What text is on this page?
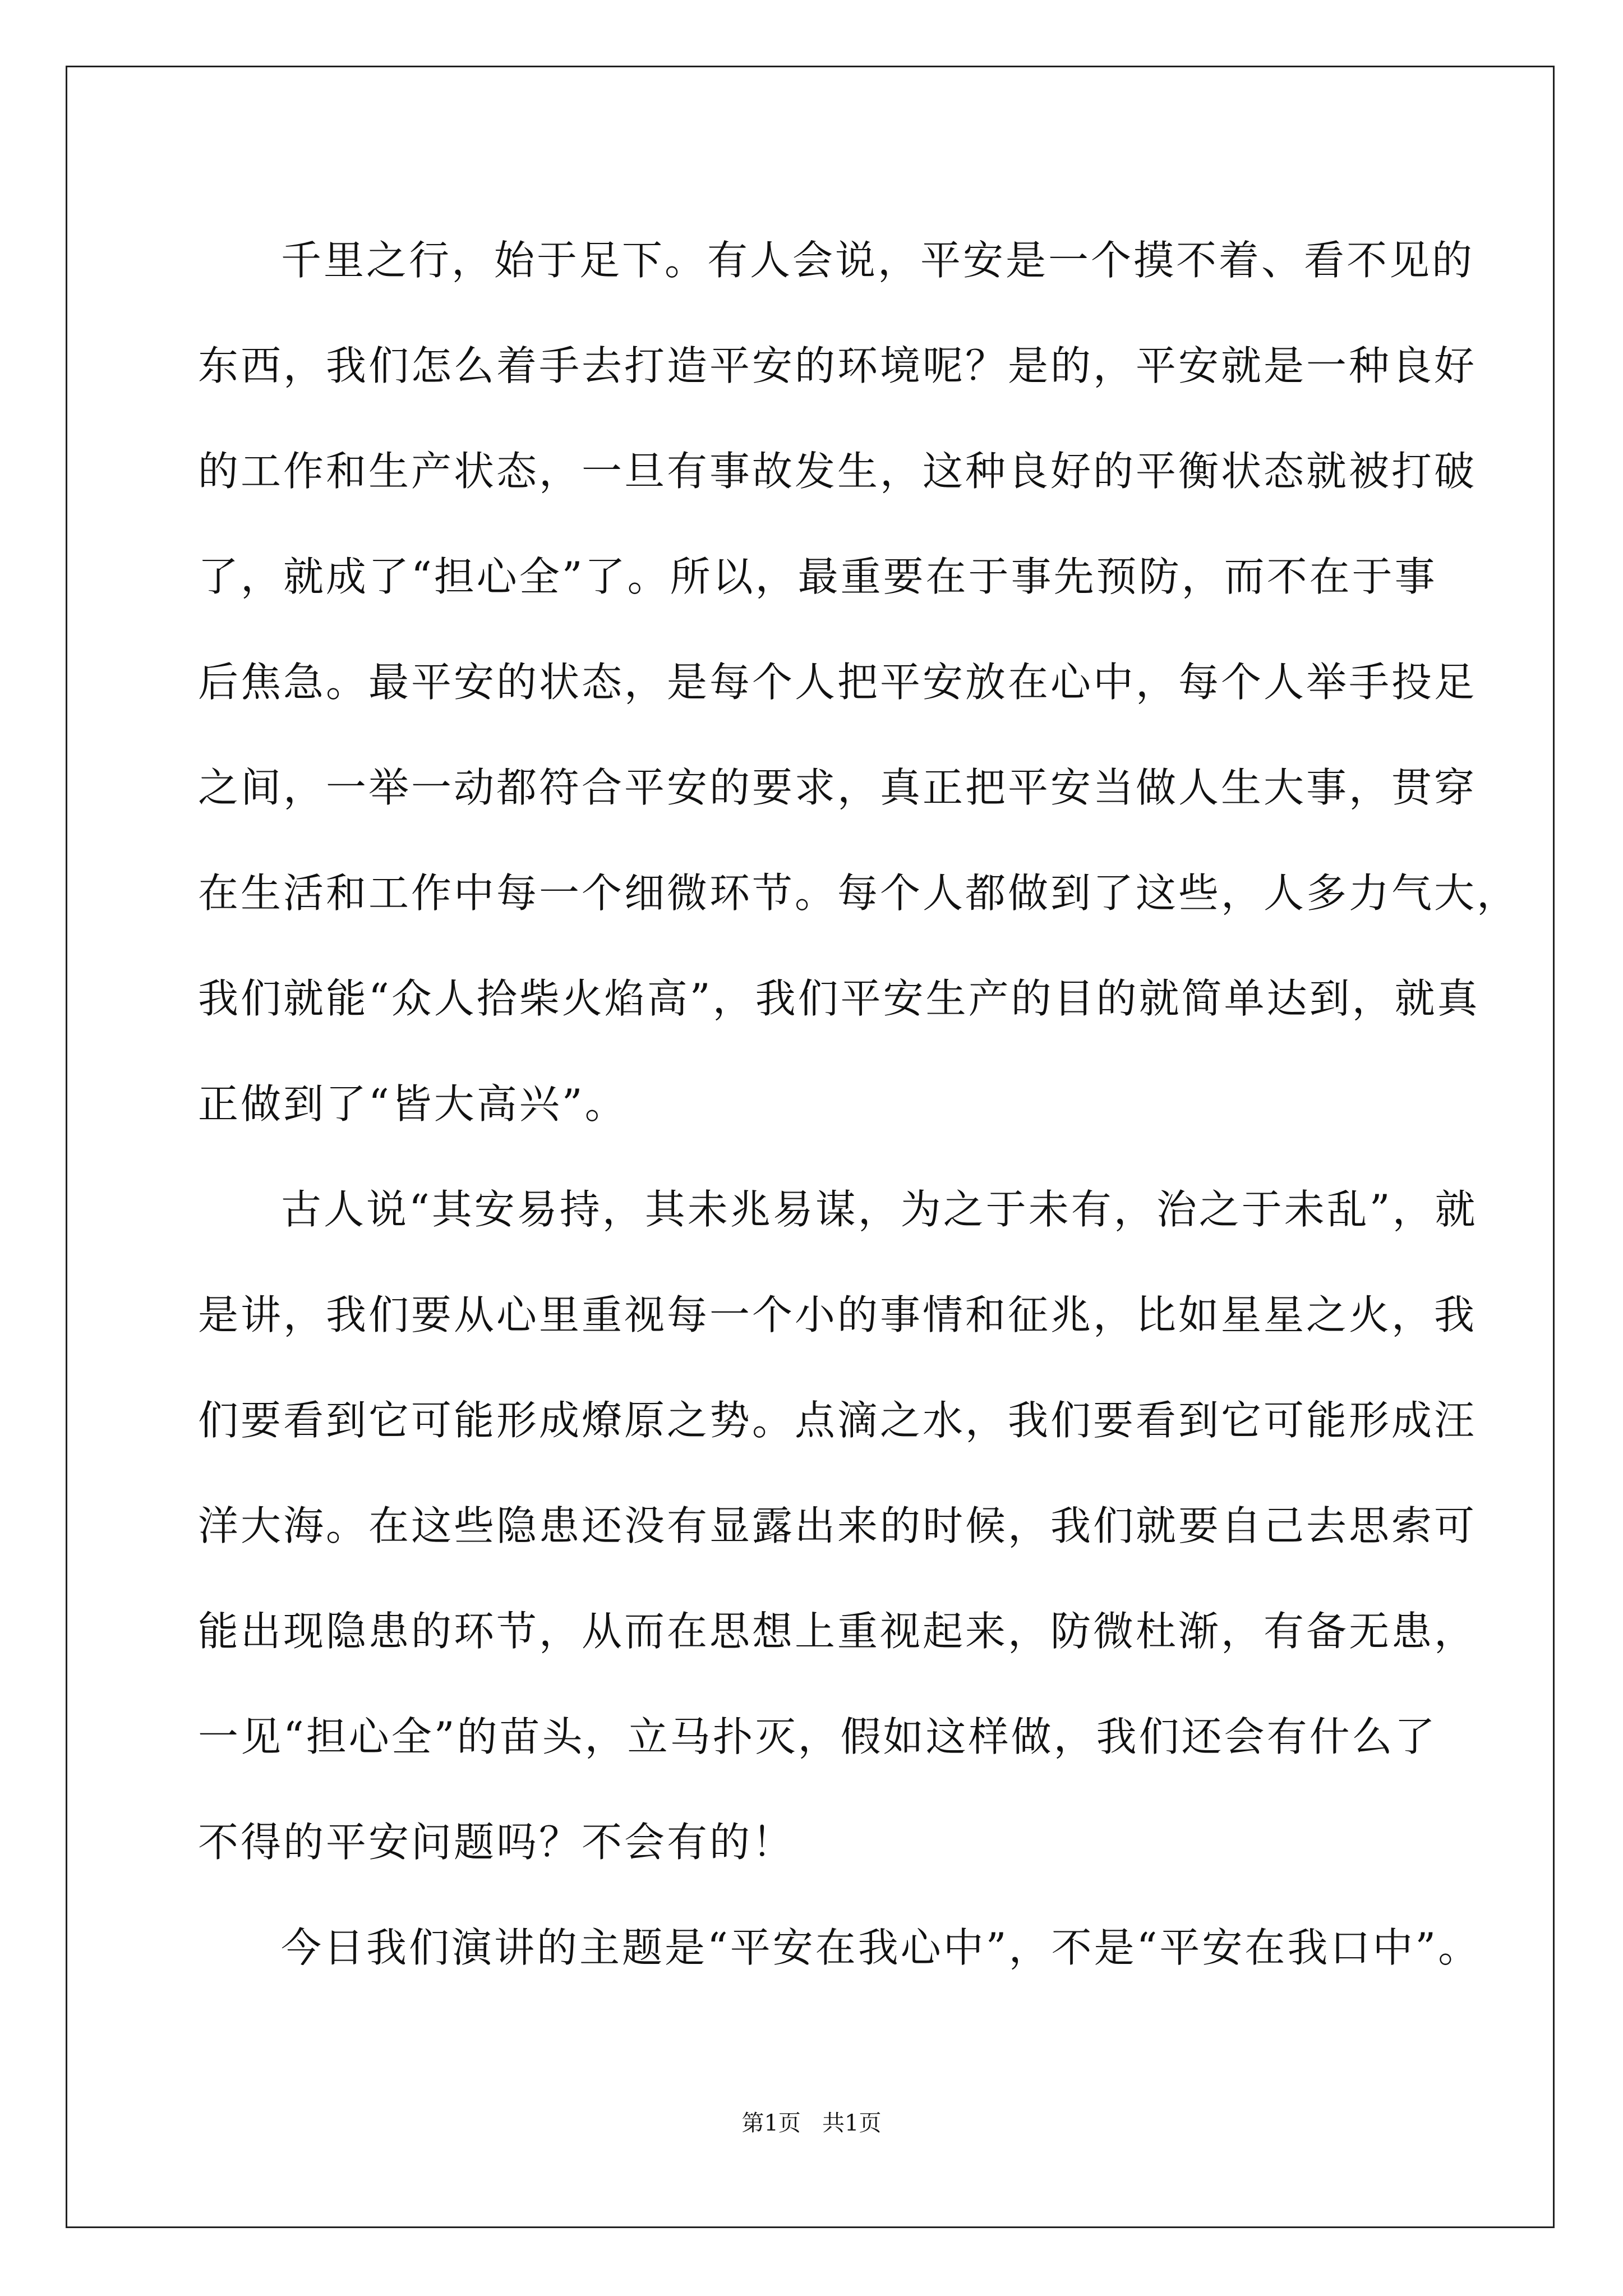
千里之行，始于足下。有人会说，平安是一个摸不着、看不见的
东西，我们怎么着手去打造平安的环境呢？是的，平安就是一种良好
的工作和生产状态，一旦有事故发生，这种良好的平衡状态就被打破
了，就成了“担心全”了。所以，最重要在于事先预防，而不在于事
后焦急。最平安的状态，是每个人把平安放在心中，每个人举手投足
之间，一举一动都符合平安的要求，真正把平安当做人生大事，贯穿
在生活和工作中每一个细微环节。每个人都做到了这些，人多力气大，
我们就能“众人拾柴火焰高”，我们平安生产的目的就简单达到，就真
正做到了“皆大高兴”。
古人说“其安易持，其未兆易谋，为之于未有，治之于未乱”，就
是讲，我们要从心里重视每一个小的事情和征兆，比如星星之火，我
们要看到它可能形成燎原之势。点滴之水，我们要看到它可能形成汪
洋大海。在这些隐患还没有显露出来的时候，我们就要自己去思索可
能出现隐患的环节，从而在思想上重视起来，防微杜渐，有备无患，
一见“担心全”的苗头，立马扑灭，假如这样做，我们还会有什么了
不得的平安问题吗？不会有的！
今日我们演讲的主题是“平安在我心中”，不是“平安在我口中”。
第1页   共1页
